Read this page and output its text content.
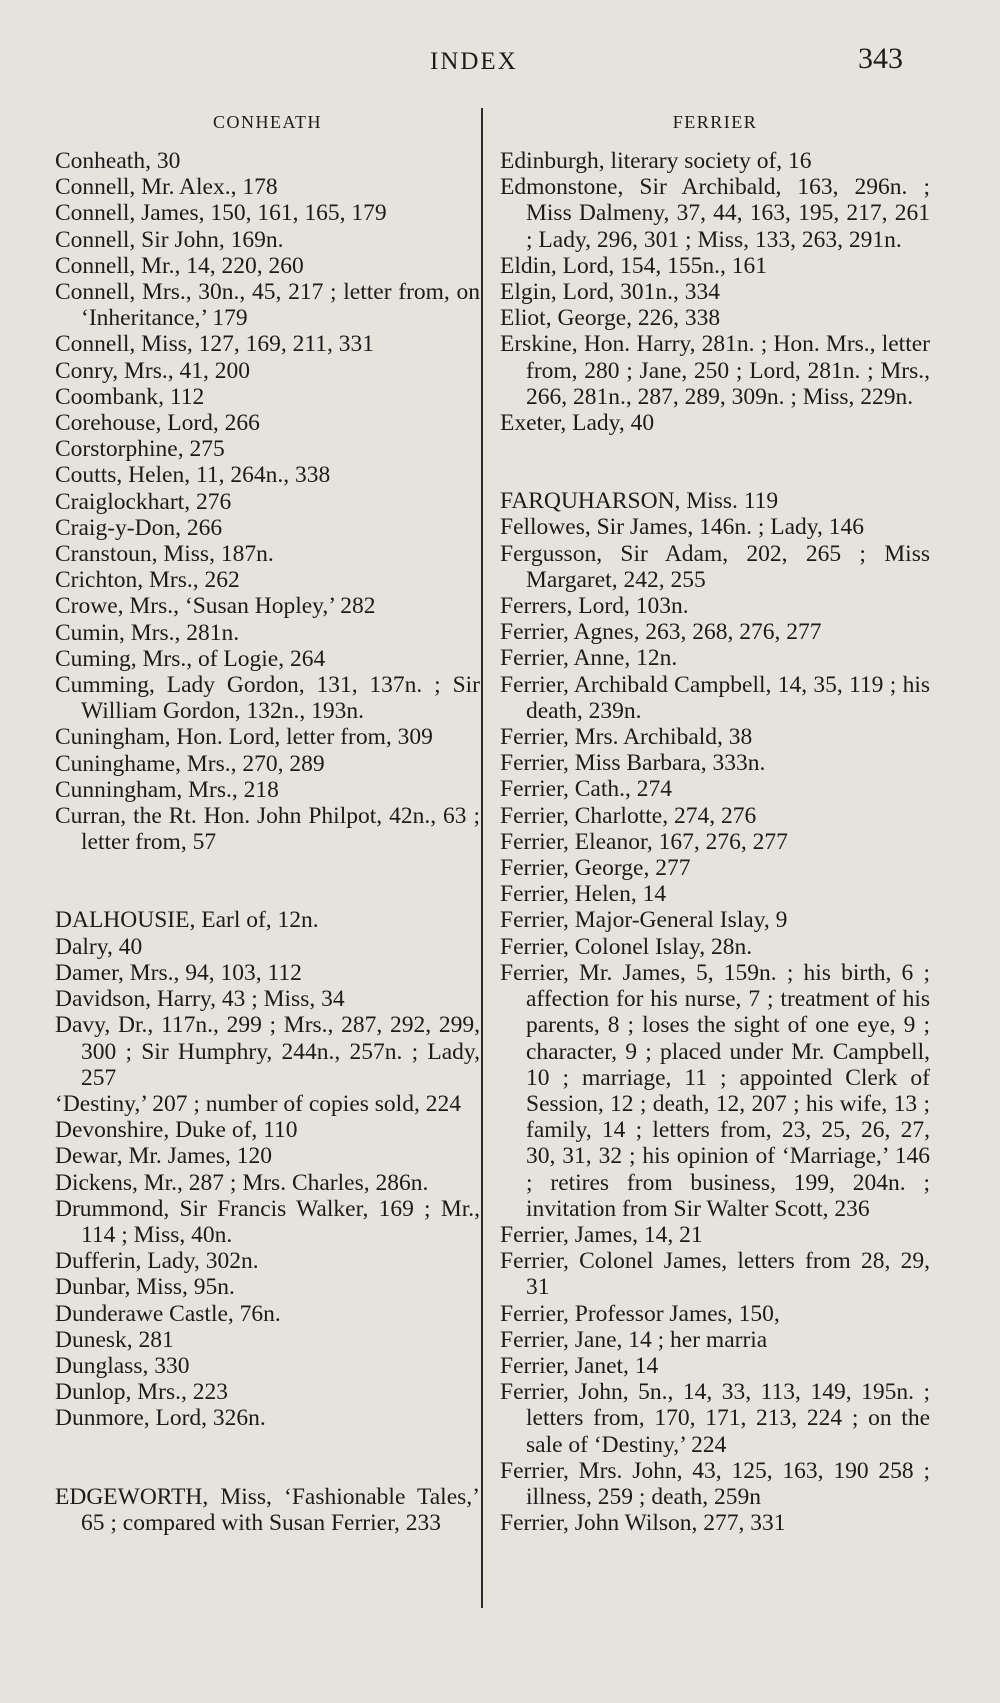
INDEX	343
CONHEATH
Conheath, 30
Connell, Mr. Alex., 178
Connell, James, 150, 161, 165, 179
Connell, Sir John, 169n.
Connell, Mr., 14, 220, 260
Connell, Mrs., 30n., 45, 217 ; letter from, on ‘Inheritance,’ 179
Connell, Miss, 127, 169, 211, 331
Conry, Mrs., 41, 200
Coombank, 112
Corehouse, Lord, 266
Corstorphine, 275
Coutts, Helen, 11, 264n., 338
Craiglockhart, 276
Craig-y-Don, 266
Cranstoun, Miss, 187n.
Crichton, Mrs., 262
Crowe, Mrs., ‘Susan Hopley,’ 282
Cumin, Mrs., 281n.
Cuming, Mrs., of Logie, 264
Cumming, Lady Gordon, 131, 137n. ; Sir William Gordon, 132n., 193n.
Cuningham, Hon. Lord, letter from, 309
Cuninghame, Mrs., 270, 289
Cunningham, Mrs., 218
Curran, the Rt. Hon. John Philpot, 42n., 63 ; letter from, 57
DALHOUSIE, Earl of, 12n.
Dalry, 40
Damer, Mrs., 94, 103, 112
Davidson, Harry, 43 ; Miss, 34
Davy, Dr., 117n., 299 ; Mrs., 287, 292, 299, 300 ; Sir Humphry, 244n., 257n. ; Lady, 257
‘Destiny,’ 207 ; number of copies sold, 224
Devonshire, Duke of, 110
Dewar, Mr. James, 120
Dickens, Mr., 287 ; Mrs. Charles, 286n.
Drummond, Sir Francis Walker, 169 ; Mr., 114 ; Miss, 40n.
Dufferin, Lady, 302n.
Dunbar, Miss, 95n.
Dunderawe Castle, 76n.
Dunesk, 281
Dunglass, 330
Dunlop, Mrs., 223
Dunmore, Lord, 326n.
EDGEWORTH, Miss, ‘Fashionable Tales,’ 65 ; compared with Susan Ferrier, 233
FERRIER
Edinburgh, literary society of, 16
Edmonstone, Sir Archibald, 163, 296n. ; Miss Dalmeny, 37, 44, 163, 195, 217, 261 ; Lady, 296, 301 ; Miss, 133, 263, 291n.
Eldin, Lord, 154, 155n., 161
Elgin, Lord, 301n., 334
Eliot, George, 226, 338
Erskine, Hon. Harry, 281n. ; Hon. Mrs., letter from, 280 ; Jane, 250 ; Lord, 281n. ; Mrs., 266, 281n., 287, 289, 309n. ; Miss, 229n.
Exeter, Lady, 40
FARQUHARSON, Miss. 119
Fellowes, Sir James, 146n. ; Lady, 146
Fergusson, Sir Adam, 202, 265 ; Miss Margaret, 242, 255
Ferrers, Lord, 103n.
Ferrier, Agnes, 263, 268, 276, 277
Ferrier, Anne, 12n.
Ferrier, Archibald Campbell, 14, 35, 119 ; his death, 239n.
Ferrier, Mrs. Archibald, 38
Ferrier, Miss Barbara, 333n.
Ferrier, Cath., 274
Ferrier, Charlotte, 274, 276
Ferrier, Eleanor, 167, 276, 277
Ferrier, George, 277
Ferrier, Helen, 14
Ferrier, Major-General Islay, 9
Ferrier, Colonel Islay, 28n.
Ferrier, Mr. James, 5, 159n. ; his birth, 6 ; affection for his nurse, 7 ; treatment of his parents, 8 ; loses the sight of one eye, 9 ; character, 9 ; placed under Mr. Campbell, 10 ; marriage, 11 ; appointed Clerk of Session, 12 ; death, 12, 207 ; his wife, 13 ; family, 14 ; letters from, 23, 25, 26, 27, 30, 31, 32 ; his opinion of ‘Marriage,’ 146 ; retires from business, 199, 204n. ; invitation from Sir Walter Scott, 236
Ferrier, James, 14, 21
Ferrier, Colonel James, letters from 28, 29, 31
Ferrier, Professor James, 150,
Ferrier, Jane, 14 ; her marria
Ferrier, Janet, 14
Ferrier, John, 5n., 14, 33, 113, 149, 195n. ; letters from, 170, 171, 213, 224 ; on the sale of ‘Destiny,’ 224
Ferrier, Mrs. John, 43, 125, 163, 190 258 ; illness, 259 ; death, 259n
Ferrier, John Wilson, 277, 331
